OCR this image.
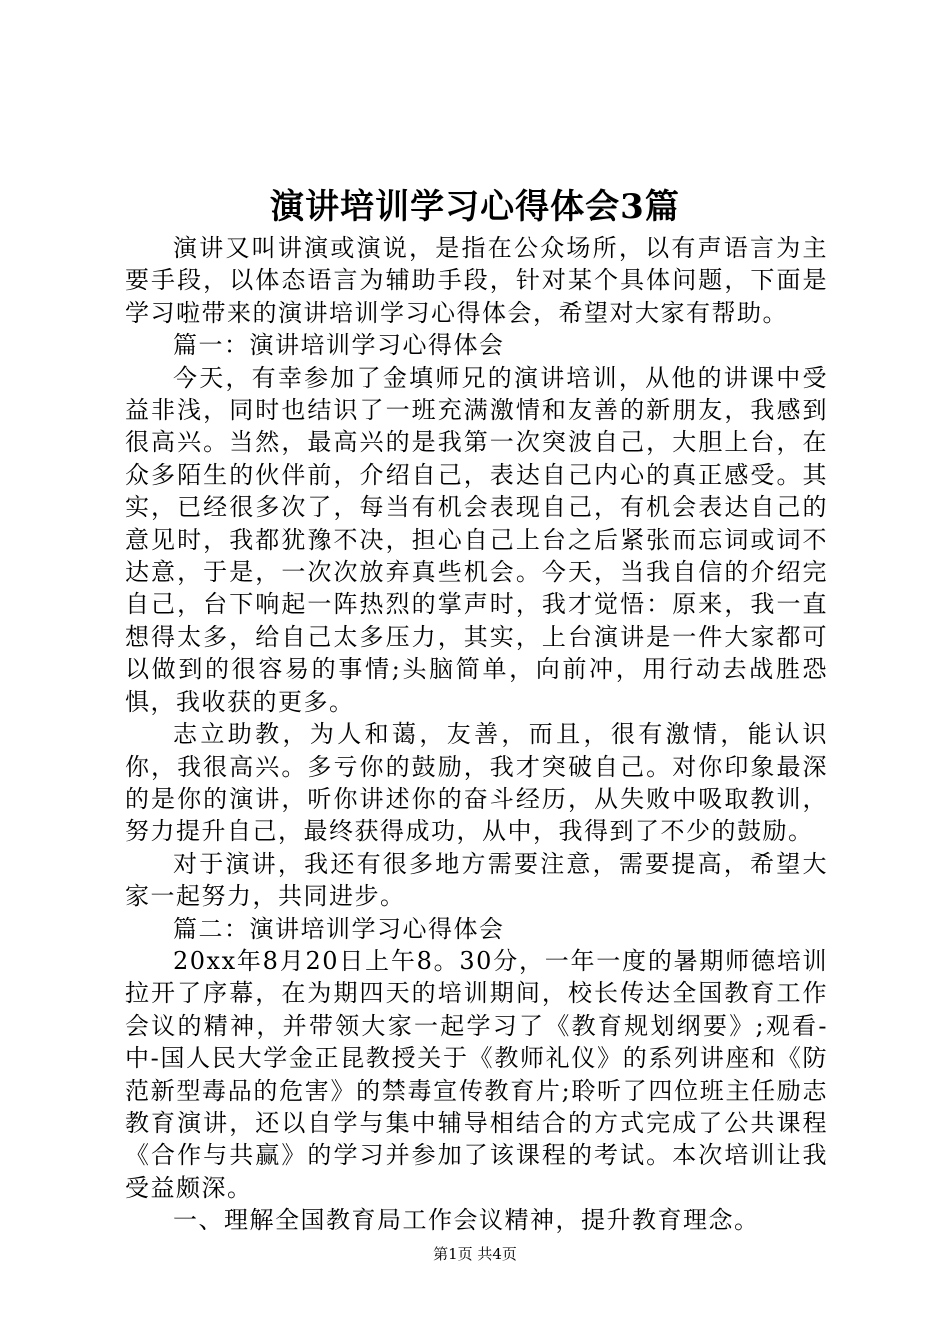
演讲培训学习心得体会3篇

演讲又叫讲演或演说，是指在公众场所，以有声语言为主要手段，以体态语言为辅助手段，针对某个具体问题，下面是学习啦带来的演讲培训学习心得体会，希望对大家有帮助。

篇一：演讲培训学习心得体会

今天，有幸参加了金填师兄的演讲培训，从他的讲课中受益非浅，同时也结识了一班充满激情和友善的新朋友，我感到很高兴。当然，最高兴的是我第一次突波自己，大胆上台，在众多陌生的伙伴前，介绍自己，表达自己内心的真正感受。其实，已经很多次了，每当有机会表现自己，有机会表达自己的意见时，我都犹豫不决，担心自己上台之后紧张而忘词或词不达意，于是，一次次放弃真些机会。今天，当我自信的介绍完自己，台下响起一阵热烈的掌声时，我才觉悟：原来，我一直想得太多，给自己太多压力，其实，上台演讲是一件大家都可以做到的很容易的事情;头脑简单，向前冲，用行动去战胜恐惧，我收获的更多。

志立助教，为人和蔼，友善，而且，很有激情，能认识你，我很高兴。多亏你的鼓励，我才突破自己。对你印象最深的是你的演讲，听你讲述你的奋斗经历，从失败中吸取教训，努力提升自己，最终获得成功，从中，我得到了不少的鼓励。

对于演讲，我还有很多地方需要注意，需要提高，希望大家一起努力，共同进步。

篇二：演讲培训学习心得体会

20xx年8月20日上午8。30分，一年一度的暑期师德培训拉开了序幕，在为期四天的培训期间，校长传达全国教育工作会议的精神，并带领大家一起学习了《教育规划纲要》;观看-中-国人民大学金正昆教授关于《教师礼仪》的系列讲座和《防范新型毒品的危害》的禁毒宣传教育片;聆听了四位班主任励志教育演讲，还以自学与集中辅导相结合的方式完成了公共课程《合作与共赢》的学习并参加了该课程的考试。本次培训让我受益颇深。

一、理解全国教育局工作会议精神，提升教育理念。

第1页 共4页
